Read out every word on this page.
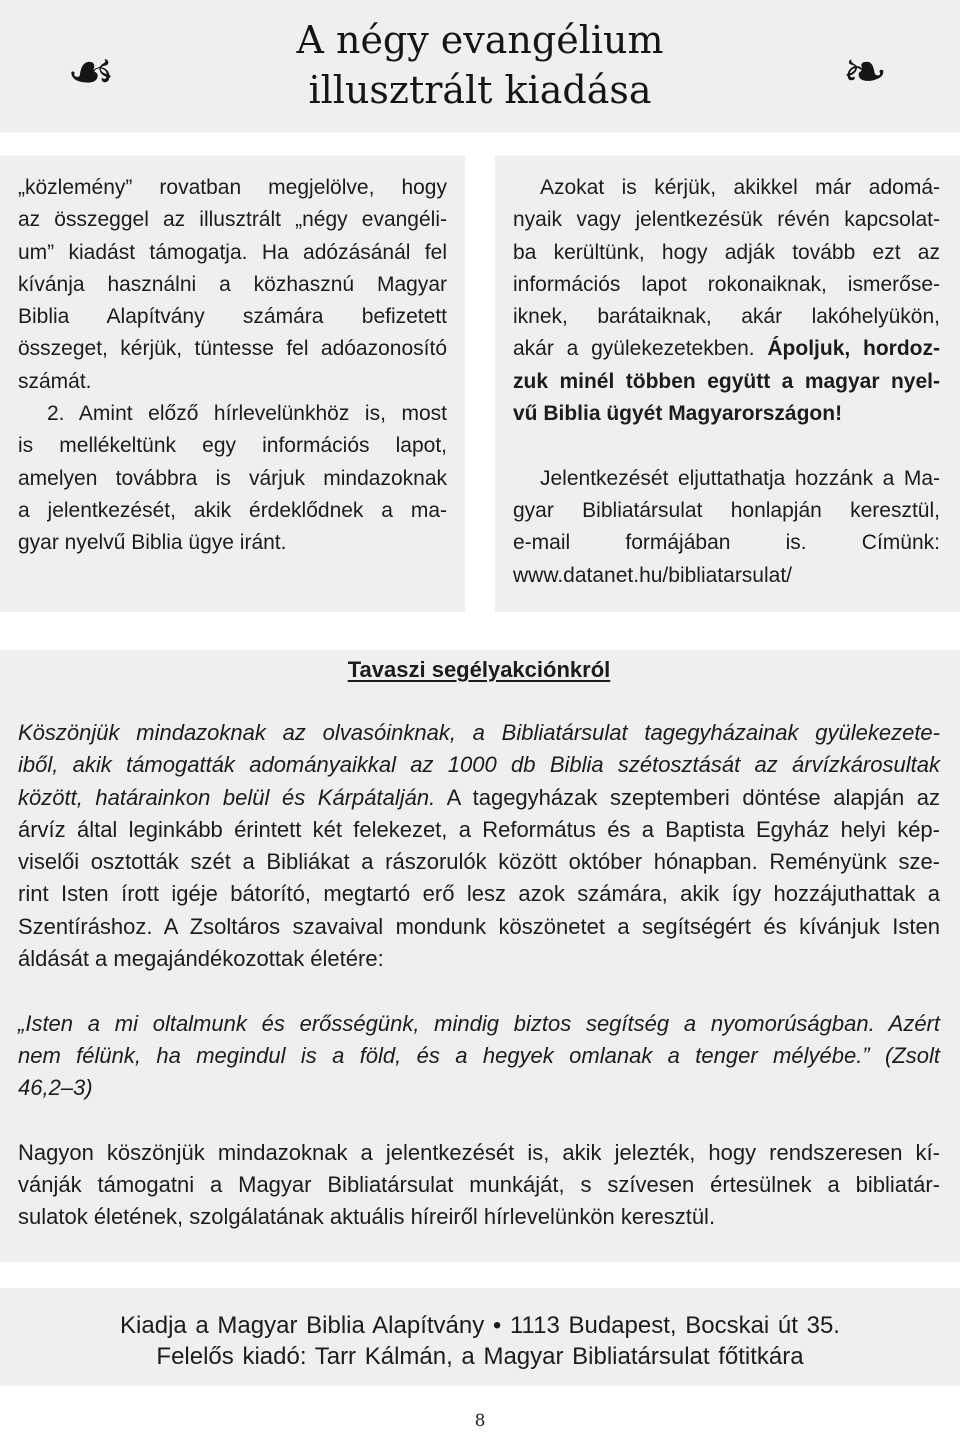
☙	A négy evangélium
illusztrált kiadása	❧
„közlemény” rovatban megjelölve, hogy
az összeggel az illusztrált „négy evangéli-
um” kiadást támogatja. Ha adózásánál fel
kívánja használni a közhasznú Magyar
Biblia Alapítvány számára befizetett
összeget, kérjük, tüntesse fel adóazonosító
számát.
2. Amint előző hírlevelünkhöz is, most
is mellékeltünk egy információs lapot,
amelyen továbbra is várjuk mindazoknak
a jelentkezését, akik érdeklődnek a ma-
gyar nyelvű Biblia ügye iránt.
Azokat is kérjük, akikkel már adomá-
nyaik vagy jelentkezésük révén kapcsolat-
ba kerültünk, hogy adják tovább ezt az
információs lapot rokonaiknak, ismerőse-
iknek, barátaiknak, akár lakóhelyükön,
akár a gyülekezetekben. Ápoljuk, hordoz-
zuk minél többen együtt a magyar nyel-
vű Biblia ügyét Magyarországon!
Jelentkezését eljuttathatja hozzánk a Ma-
gyar Bibliatársulat honlapján keresztül,
e-mail formájában is. Címünk:
www.datanet.hu/bibliatarsulat/
Tavaszi segélyakciónkról
Köszönjük mindazoknak az olvasóinknak, a Bibliatársulat tagegyházainak gyülekezete-
iből, akik támogatták adományaikkal az 1000 db Biblia szétosztását az árvízkárosultak
között, határainkon belül és Kárpátalján. A tagegyházak szeptemberi döntése alapján az
árvíz által leginkább érintett két felekezet, a Református és a Baptista Egyház helyi kép-
viselői osztották szét a Bibliákat a rászorulók között október hónapban. Reményünk sze-
rint Isten írott igéje bátorító, megtartó erő lesz azok számára, akik így hozzájuthattak a
Szentíráshoz. A Zsoltáros szavaival mondunk köszönetet a segítségért és kívánjuk Isten
áldását a megajándékozottak életére:
„Isten a mi oltalmunk és erősségünk, mindig biztos segítség a nyomorúságban. Azért
nem félünk, ha megindul is a föld, és a hegyek omlanak a tenger mélyébe.” (Zsolt
46,2–3)
Nagyon köszönjük mindazoknak a jelentkezését is, akik jelezték, hogy rendszeresen kí-
vánják támogatni a Magyar Bibliatársulat munkáját, s szívesen értesülnek a bibliatár-
sulatok életének, szolgálatának aktuális híreiről hírlevelünkön keresztül.
Kiadja a Magyar Biblia Alapítvány • 1113 Budapest, Bocskai út 35.
Felelős kiadó: Tarr Kálmán, a Magyar Bibliatársulat főtitkára
8
